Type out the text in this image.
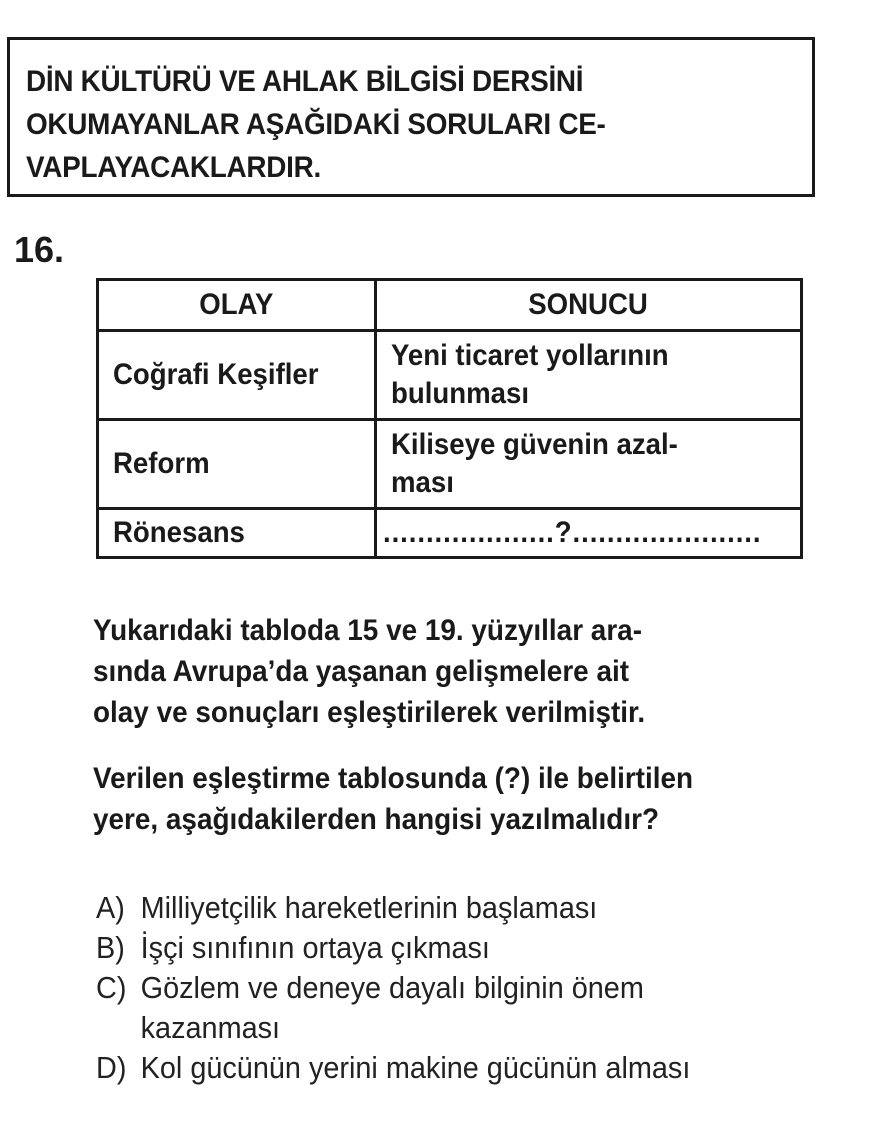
DİN KÜLTÜRÜ VE AHLAK BİLGİSİ DERSİNİ
OKUMAYANLAR AŞAĞIDAKİ SORULARI CE-
VAPLAYACAKLARDIR.
16.
OLAY	SONUCU
Coğrafi Keşifler	Yeni ticaret yollarının
bulunması
Reform	Kiliseye güvenin azal-
ması
Rönesans	....................?......................
Yukarıdaki tabloda 15 ve 19. yüzyıllar ara-
sında Avrupa’da yaşanan gelişmelere ait
olay ve sonuçları eşleştirilerek verilmiştir.
Verilen eşleştirme tablosunda (?) ile belirtilen
yere, aşağıdakilerden hangisi yazılmalıdır?
A) Milliyetçilik hareketlerinin başlaması
B) İşçi sınıfının ortaya çıkması
C) Gözlem ve deneye dayalı bilginin önem
kazanması
D) Kol gücünün yerini makine gücünün alması
